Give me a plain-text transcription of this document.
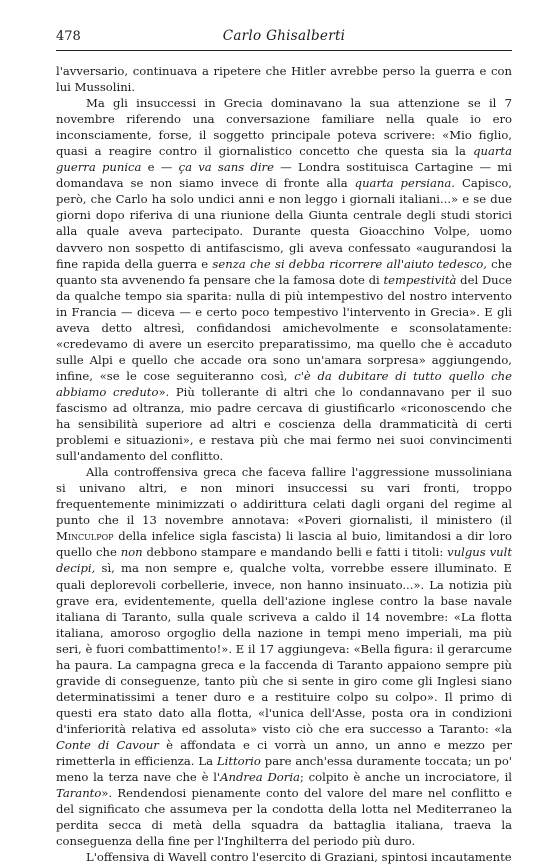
478	Carlo Ghisalberti

l'avversario, continuava a ripetere che Hitler avrebbe perso la guerra e con lui Mussolini.

Ma gli insuccessi in Grecia dominavano la sua attenzione se il 7 novembre riferendo una conversazione familiare nella quale io ero inconsciamente, forse, il soggetto principale poteva scrivere: «Mio figlio, quasi a reagire contro il giornalistico concetto che questa sia la quarta guerra punica e — ça va sans dire — Londra sostituisca Cartagine — mi domandava se non siamo invece di fronte alla quarta persiana. Capisco, però, che Carlo ha solo undici anni e non leggo i giornali italiani...» e se due giorni dopo riferiva di una riunione della Giunta centrale degli studi storici alla quale aveva partecipato. Durante questa Gioacchino Volpe, uomo davvero non sospetto di antifascismo, gli aveva confessato «augurandosi la fine rapida della guerra e senza che si debba ricorrere all'aiuto tedesco, che quanto sta avvenendo fa pensare che la famosa dote di tempestività del Duce da qualche tempo sia sparita: nulla di più intempestivo del nostro intervento in Francia — diceva — e certo poco tempestivo l'intervento in Grecia». E gli aveva detto altresì, confidandosi amichevolmente e sconsolatamente: «credevamo di avere un esercito preparatissimo, ma quello che è accaduto sulle Alpi e quello che accade ora sono un'amara sorpresa» aggiungendo, infine, «se le cose seguiteranno così, c'è da dubitare di tutto quello che abbiamo creduto». Più tollerante di altri che lo condannavano per il suo fascismo ad oltranza, mio padre cercava di giustificarlo «riconoscendo che ha sensibilità superiore ad altri e coscienza della drammaticità di certi problemi e situazioni», e restava più che mai fermo nei suoi convincimenti sull'andamento del conflitto.

Alla controffensiva greca che faceva fallire l'aggressione mussoliniana si univano altri, e non minori insuccessi su vari fronti, troppo frequentemente minimizzati o addirittura celati dagli organi del regime al punto che il 13 novembre annotava: «Poveri giornalisti, il ministero (il Minculpop della infelice sigla fascista) li lascia al buio, limitandosi a dir loro quello che non debbono stampare e mandando belli e fatti i titoli: vulgus vult decipi, sì, ma non sempre e, qualche volta, vorrebbe essere illuminato. E quali deplorevoli corbellerie, invece, non hanno insinuato...». La notizia più grave era, evidentemente, quella dell'azione inglese contro la base navale italiana di Taranto, sulla quale scriveva a caldo il 14 novembre: «La flotta italiana, amoroso orgoglio della nazione in tempi meno imperiali, ma più seri, è fuori combattimento!». E il 17 aggiungeva: «Bella figura: il gerarcume ha paura. La campagna greca e la faccenda di Taranto appaiono sempre più gravide di conseguenze, tanto più che si sente in giro come gli Inglesi siano determinatissimi a tener duro e a restituire colpo su colpo». Il primo di questi era stato dato alla flotta, «l'unica dell'Asse, posta ora in condizioni d'inferiorità relativa ed assoluta» visto ciò che era successo a Taranto: «la Conte di Cavour è affondata e ci vorrà un anno, un anno e mezzo per rimetterla in efficienza. La Littorio pare anch'essa duramente toccata; un po' meno la terza nave che è l'Andrea Doria; colpito è anche un incrociatore, il Taranto». Rendendosi pienamente conto del valore del mare nel conflitto e del significato che assumeva per la condotta della lotta nel Mediterraneo la perdita secca di metà della squadra da battaglia italiana, traeva la conseguenza della fine per l'Inghilterra del periodo più duro.

L'offensiva di Wavell contro l'esercito di Graziani, spintosi incautamente
